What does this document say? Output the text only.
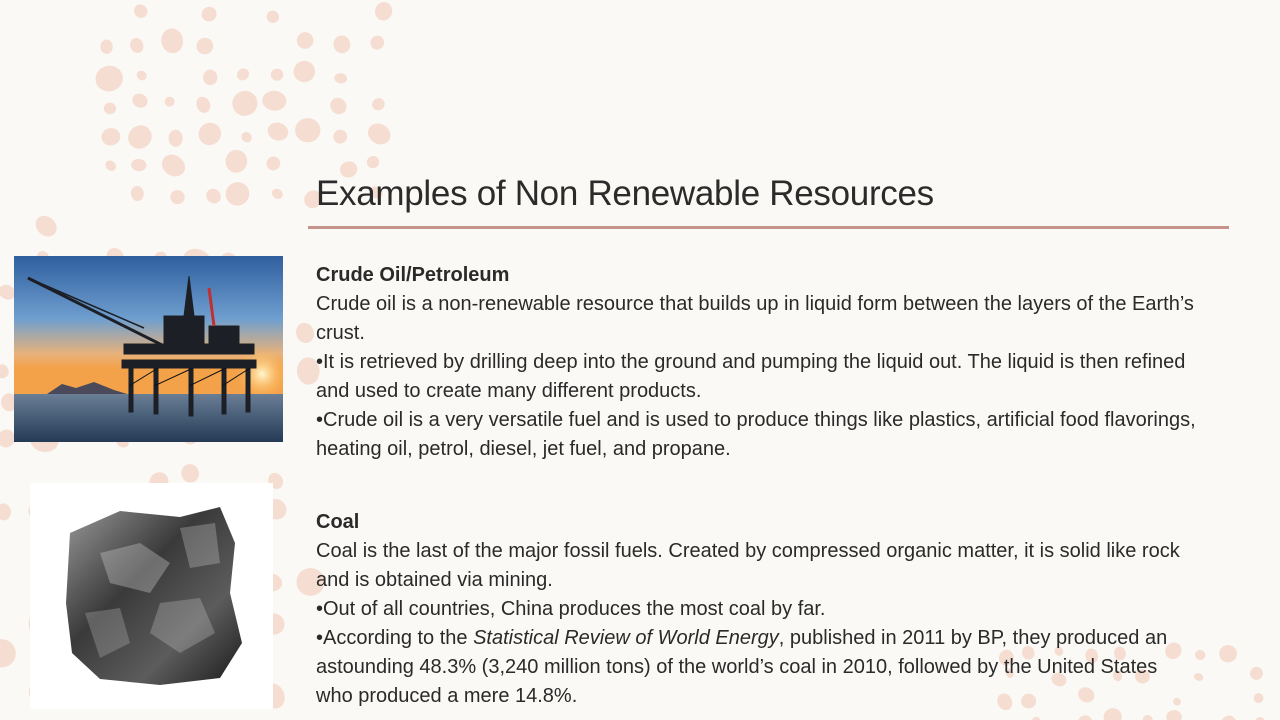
Examples of Non Renewable Resources
Crude Oil/Petroleum

Crude oil is a non-renewable resource that builds up in liquid form between the layers of the Earth’s crust.

•It is retrieved by drilling deep into the ground and pumping the liquid out. The liquid is then refined and used to create many different products.

•Crude oil is a very versatile fuel and is used to produce things like plastics, artificial food flavorings, heating oil, petrol, diesel, jet fuel, and propane.

Coal

Coal is the last of the major fossil fuels. Created by compressed organic matter, it is solid like rock and is obtained via mining.

•Out of all countries, China produces the most coal by far.

•According to the Statistical Review of World Energy, published in 2011 by BP, they produced an astounding 48.3% (3,240 million tons) of the world’s coal in 2010, followed by the United States who produced a mere 14.8%.
